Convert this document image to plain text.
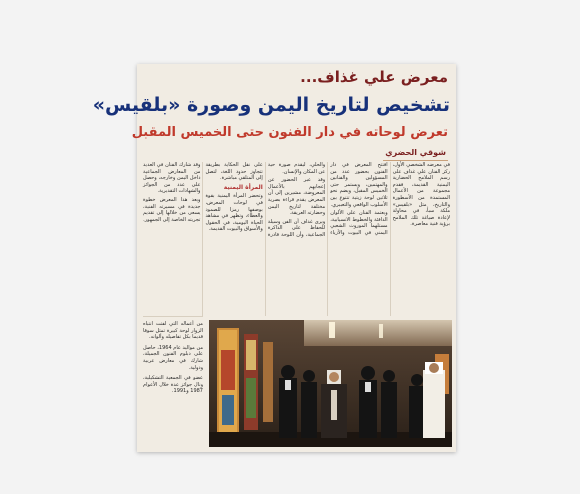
معرض علي غذاف...
تشخيص لتاريخ اليمن وصورة «بلقيس»
تعرض لوحاته في دار الفنون حتى الخميس المقبل
شوقي الحضري

في معرضه الشخصي الأول، ركز الفنان علي غذاف على رسم الملامح الحضارية اليمنية القديمة، فقدم مجموعة من الأعمال المستمدة من الأسطورة والتاريخ، مثل «بلقيس» ملكة سبأ، في محاولة لإعادة صياغة تلك الملامح برؤية فنية معاصرة.

افتتح المعرض في دار الفنون بحضور عدد من المسؤولين والفنانين والمهتمين، ويستمر حتى الخميس المقبل، ويضم نحو ثلاثين لوحة زيتية تتنوع بين الأسلوب الواقعي والتعبيري.

ويعتمد الفنان على الألوان الدافئة والخطوط الانسيابية، مستلهما الموروث الشعبي اليمني في البيوت والأزياء والحلي، ليقدم صورة حية عن المكان والإنسان.

وقد عبر الحضور عن إعجابهم بالأعمال المعروضة، مشيرين إلى أن المعرض يقدم قراءة بصرية مختلفة لتاريخ اليمن وحضارته العريقة.

ويرى غذاف أن الفن وسيلة للحفاظ على الذاكرة الجماعية، وأن اللوحة قادرة على نقل الحكاية بطريقة تتجاوز حدود اللغة، لتصل إلى المتلقي مباشرة.

المرأة اليمنية

وتحضر المرأة اليمنية بقوة في لوحات المعرض، بوصفها رمزا للصمود والعطاء، وتظهر في مشاهد الحياة اليومية، في الحقول والأسواق والبيوت القديمة.

وقد شارك الفنان في العديد من المعارض الجماعية داخل اليمن وخارجه، وحصل على عدد من الجوائز والشهادات التقديرية.

ويعد هذا المعرض خطوة جديدة في مسيرته الفنية، يسعى من خلالها إلى تقديم تجربته الخاصة إلى الجمهور.

من أعماله التي لفتت انتباه الزوار لوحة كبيرة تمثل سوقا قديما بكل تفاصيله وألوانه.

من مواليد عام 1964، حاصل على دبلوم الفنون الجميلة، شارك في معارض عربية ودولية.

عضو في الجمعية التشكيلية، ونال جوائز عدة خلال الأعوام 1987 و1991.
